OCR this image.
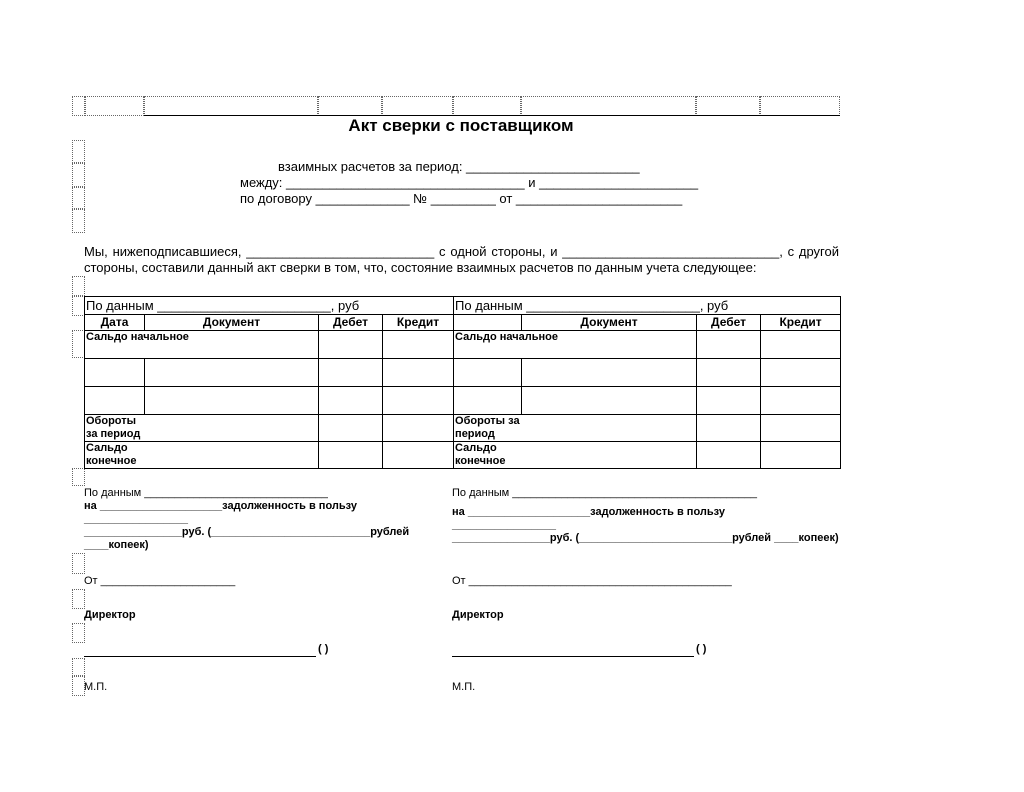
Акт сверки с поставщиком
взаимных расчетов за период: ________________________
между: _________________________________ и ______________________
по договору _____________ № _________ от _______________________
Мы, нижеподписавшиеся, __________________________ с одной стороны, и ______________________________, с другой
стороны, составили данный акт сверки в том, что, состояние взаимных расчетов по данным учета следующее:
По данным ________________________, руб				По данным ________________________, руб			
Дата	Документ	Дебет	Кредит		Документ	Дебет	Кредит
Сальдо начальное				Сальдо начальное			

Обороты за период				Обороты за период			

Сальдо конечное				Сальдо конечное			

По данным ______________________________
на ____________________задолженность в пользу
_________________
________________руб. (__________________________рублей
____копеек)
От ______________________
Директор
( )
М.П.
По данным ________________________________________
на ____________________задолженность в пользу
_________________
________________руб. (_________________________рублей ____копеек)
От ___________________________________________
Директор
( )
М.П.
